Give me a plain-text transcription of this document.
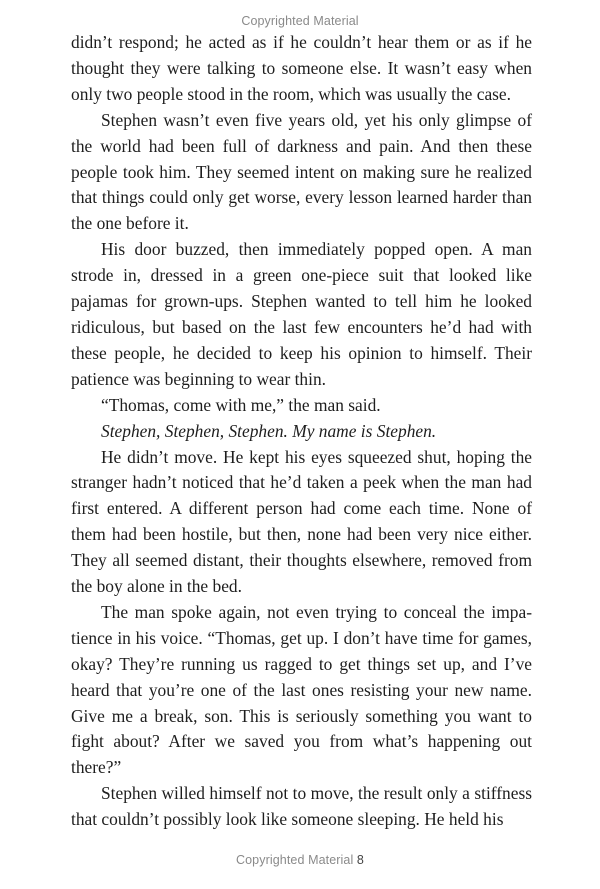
Copyrighted Material

didn’t respond; he acted as if he couldn’t hear them or as if he thought they were talking to someone else. It wasn’t easy when only two people stood in the room, which was usually the case.

Stephen wasn’t even five years old, yet his only glimpse of the world had been full of darkness and pain. And then these people took him. They seemed intent on making sure he realized that things could only get worse, every lesson learned harder than the one before it.

His door buzzed, then immediately popped open. A man strode in, dressed in a green one-piece suit that looked like pajamas for grown-ups. Stephen wanted to tell him he looked ridiculous, but based on the last few encounters he’d had with these people, he decided to keep his opinion to himself. Their patience was beginning to wear thin.

“Thomas, come with me,” the man said.

Stephen, Stephen, Stephen. My name is Stephen.

He didn’t move. He kept his eyes squeezed shut, hoping the stranger hadn’t noticed that he’d taken a peek when the man had first entered. A different person had come each time. None of them had been hostile, but then, none had been very nice either. They all seemed distant, their thoughts elsewhere, removed from the boy alone in the bed.

The man spoke again, not even trying to conceal the impatience in his voice. “Thomas, get up. I don’t have time for games, okay? They’re running us ragged to get things set up, and I’ve heard that you’re one of the last ones resisting your new name. Give me a break, son. This is seriously something you want to fight about? After we saved you from what’s happening out there?”

Stephen willed himself not to move, the result only a stiffness that couldn’t possibly look like someone sleeping. He held his

Copyrighted Material 8
